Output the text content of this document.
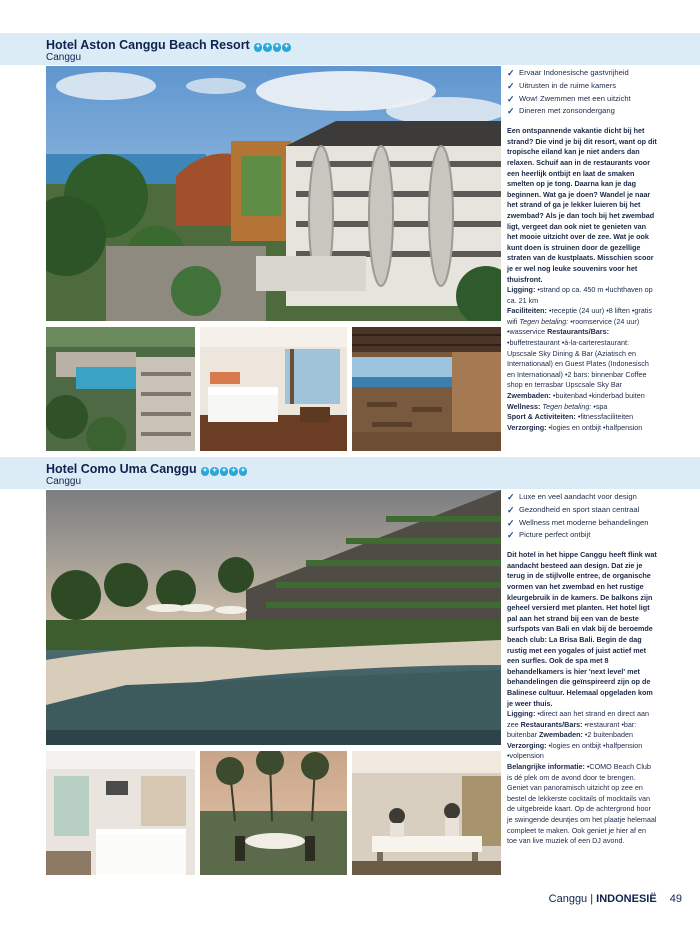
Hotel Aston Canggu Beach Resort ✦ ✦ ✦ ✦
Canggu
✓ Ervaar Indonesische gastvrijheid
✓ Uitrusten in de ruime kamers
✓ Wow! Zwemmen met een uitzicht
✓ Dineren met zonsondergang

Een ontspannende vakantie dicht bij het strand? Die vind je bij dit resort, want op dit tropische eiland kan je niet anders dan relaxen. Schuif aan in de restaurants voor een heerlijk ontbijt en laat de smaken smelten op je tong. Daarna kan je dag beginnen. Wat ga je doen? Wandel je naar het strand of ga je lekker luieren bij het zwembad? Als je dan toch bij het zwembad ligt, vergeet dan ook niet te genieten van het mooie uitzicht over de zee. Wat je ook kunt doen is struinen door de gezellige straten van de kustplaats. Misschien scoor je er wel nog leuke souvenirs voor het thuisfront.

Ligging: •strand op ca. 450 m •luchthaven op ca. 21 km
Faciliteiten: •receptie (24 uur) •8 liften •gratis wifi Tegen betaling: •roomservice (24 uur) •wasservice Restaurants/Bars: •buffetrestaurant •à-la-carterestaurant: Upscsale Sky Dining & Bar (Aziatisch en Internationaal) en Guest Plates (Indonesisch en Internationaal) •2 bars: binnenbar Coffee shop en terrasbar Upscsale Sky Bar
Zwembaden: •buitenbad •kinderbad buiten
Wellness: Tegen betaling: •spa
Sport & Activiteiten: •fitnessfaciliteiten
Verzorging: •logies en ontbijt •halfpension

Hotel Como Uma Canggu ✦ ✦ ✦ ✦ ✦
Canggu
✓ Luxe en veel aandacht voor design
✓ Gezondheid en sport staan centraal
✓ Wellness met moderne behandelingen
✓ Picture perfect ontbijt

Dit hotel in het hippe Canggu heeft flink wat aandacht besteed aan design. Dat zie je terug in de stijlvolle entree, de organische vormen van het zwembad en het rustige kleurgebruik in de kamers. De balkons zijn geheel versierd met planten. Het hotel ligt pal aan het strand bij een van de beste surfspots van Bali en vlak bij de beroemde beach club: La Brisa Bali. Begin de dag rustig met een yogales of juist actief met een surfles. Ook de spa met 8 behandelkamers is hier 'next level' met behandelingen die geïnspireerd zijn op de Balinese cultuur. Helemaal opgeladen kom je weer thuis.

Ligging: •direct aan het strand en direct aan zee Restaurants/Bars: •restaurant •bar: buitenbar Zwembaden: •2 buitenbaden
Verzorging: •logies en ontbijt •halfpension •volpension
Belangrijke informatie: •COMO Beach Club is dé plek om de avond door te brengen. Geniet van panoramisch uitzicht op zee en bestel de lekkerste cocktails of mocktails van de uitgebreide kaart. Op de achtergrond hoor je swingende deuntjes om het plaatje helemaal compleet te maken. Ook geniet je hier af en toe van live muziek of een DJ avond.

Canggu | INDONESIË 49
